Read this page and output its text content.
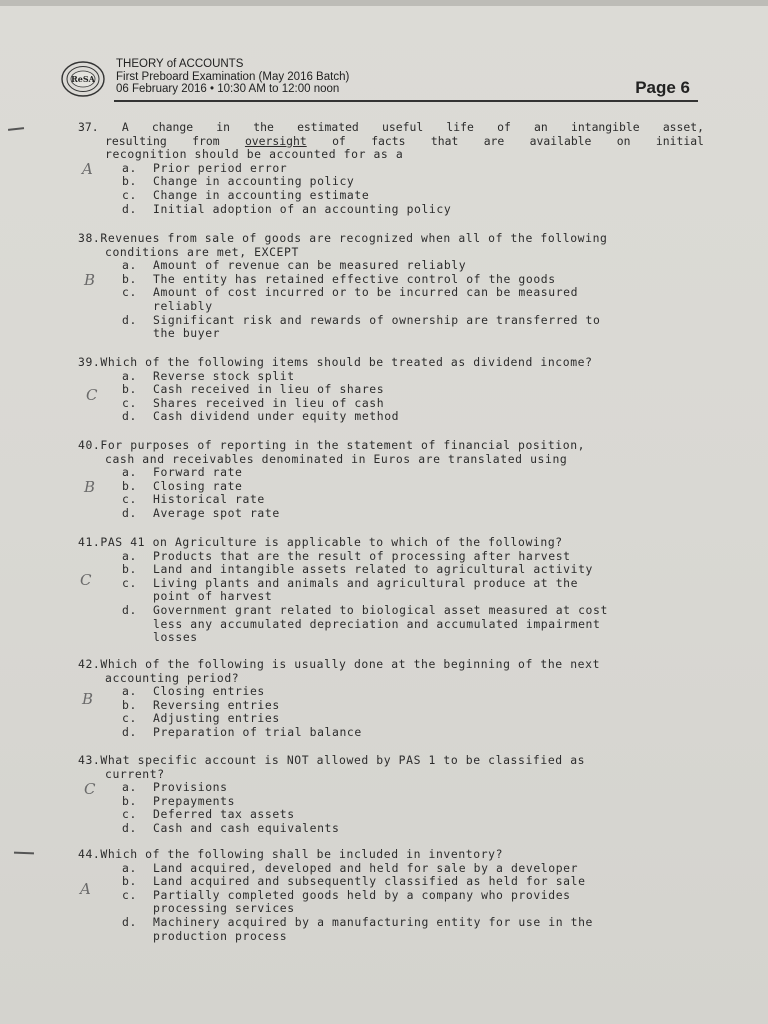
ReSA
THEORY of ACCOUNTS
First Preboard Examination (May 2016 Batch)
06 February 2016 • 10:30 AM to 12:00 noon	Page 6
37. A change in the estimated useful life of an intangible asset,
resulting from oversight of facts that are available on initial
recognition should be accounted for as a
a. Prior period error
b. Change in accounting policy
c. Change in accounting estimate
d. Initial adoption of an accounting policy
A
38.Revenues from sale of goods are recognized when all of the following
conditions are met, EXCEPT
a. Amount of revenue can be measured reliably
b. The entity has retained effective control of the goods
c. Amount of cost incurred or to be incurred can be measured
reliably
d. Significant risk and rewards of ownership are transferred to
the buyer
B
39.Which of the following items should be treated as dividend income?
a. Reverse stock split
b. Cash received in lieu of shares
c. Shares received in lieu of cash
d. Cash dividend under equity method
C
40.For purposes of reporting in the statement of financial position,
cash and receivables denominated in Euros are translated using
a. Forward rate
b. Closing rate
c. Historical rate
d. Average spot rate
B
41.PAS 41 on Agriculture is applicable to which of the following?
a. Products that are the result of processing after harvest
b. Land and intangible assets related to agricultural activity
c. Living plants and animals and agricultural produce at the
point of harvest
d. Government grant related to biological asset measured at cost
less any accumulated depreciation and accumulated impairment
losses
C
42.Which of the following is usually done at the beginning of the next
accounting period?
a. Closing entries
b. Reversing entries
c. Adjusting entries
d. Preparation of trial balance
B
43.What specific account is NOT allowed by PAS 1 to be classified as
current?
a. Provisions
b. Prepayments
c. Deferred tax assets
d. Cash and cash equivalents
C
44.Which of the following shall be included in inventory?
a. Land acquired, developed and held for sale by a developer
b. Land acquired and subsequently classified as held for sale
c. Partially completed goods held by a company who provides
processing services
d. Machinery acquired by a manufacturing entity for use in the
production process
A
